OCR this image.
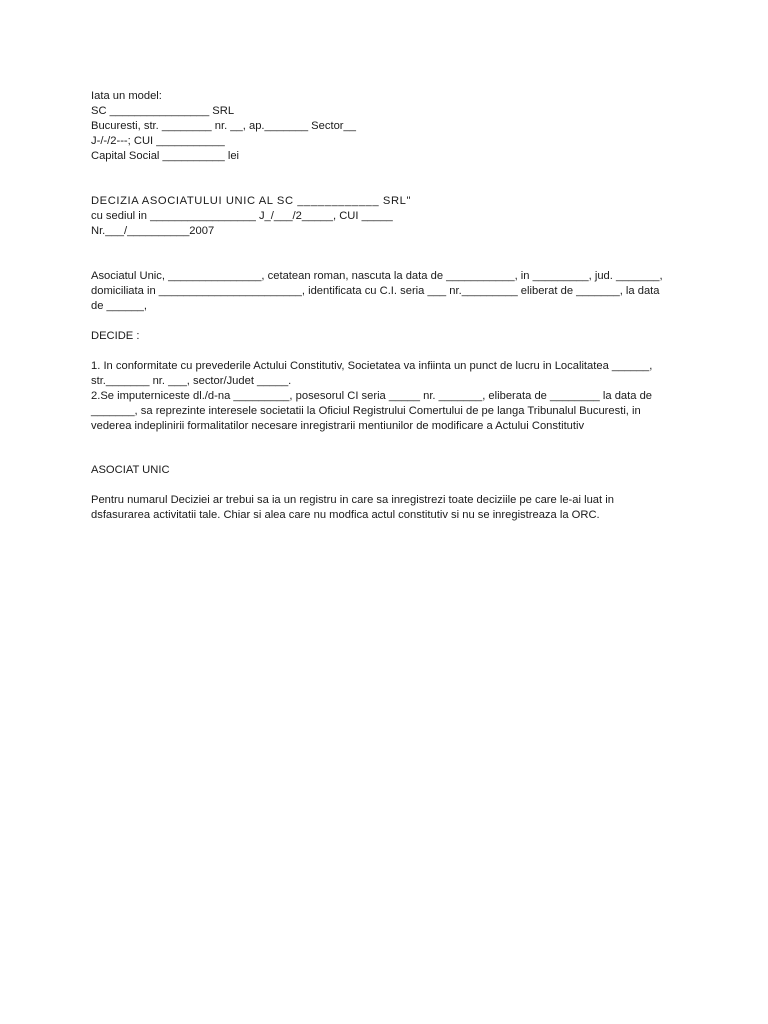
Iata un model:
SC ________________ SRL
Bucuresti, str. ________ nr. __, ap._______ Sector__
J-/-/2---; CUI ___________
Capital Social __________ lei
DECIZIA ASOCIATULUI UNIC AL SC ____________ SRL"
cu sediul in _________________ J_/___/2_____, CUI _____
Nr.___/__________2007
Asociatul Unic, _______________, cetatean roman, nascuta la data de ___________, in _________, jud. _______,
domiciliata in _______________________, identificata cu C.I. seria ___ nr._________ eliberat de _______, la data
de ______,
DECIDE :
1. In conformitate cu prevederile Actului Constitutiv, Societatea va infiinta un punct de lucru in Localitatea ______,
str._______ nr. ___, sector/Judet _____.
2.Se imputerniceste dl./d-na _________, posesorul CI seria _____ nr. _______, eliberata de ________ la data de
_______, sa reprezinte interesele societatii la Oficiul Registrului Comertului de pe langa Tribunalul Bucuresti, in
vederea indeplinirii formalitatilor necesare inregistrarii mentiunilor de modificare a Actului Constitutiv
ASOCIAT UNIC
Pentru numarul Deciziei ar trebui sa ia un registru in care sa inregistrezi toate deciziile pe care le-ai luat in
dsfasurarea activitatii tale. Chiar si alea care nu modfica actul constitutiv si nu se inregistreaza la ORC.
